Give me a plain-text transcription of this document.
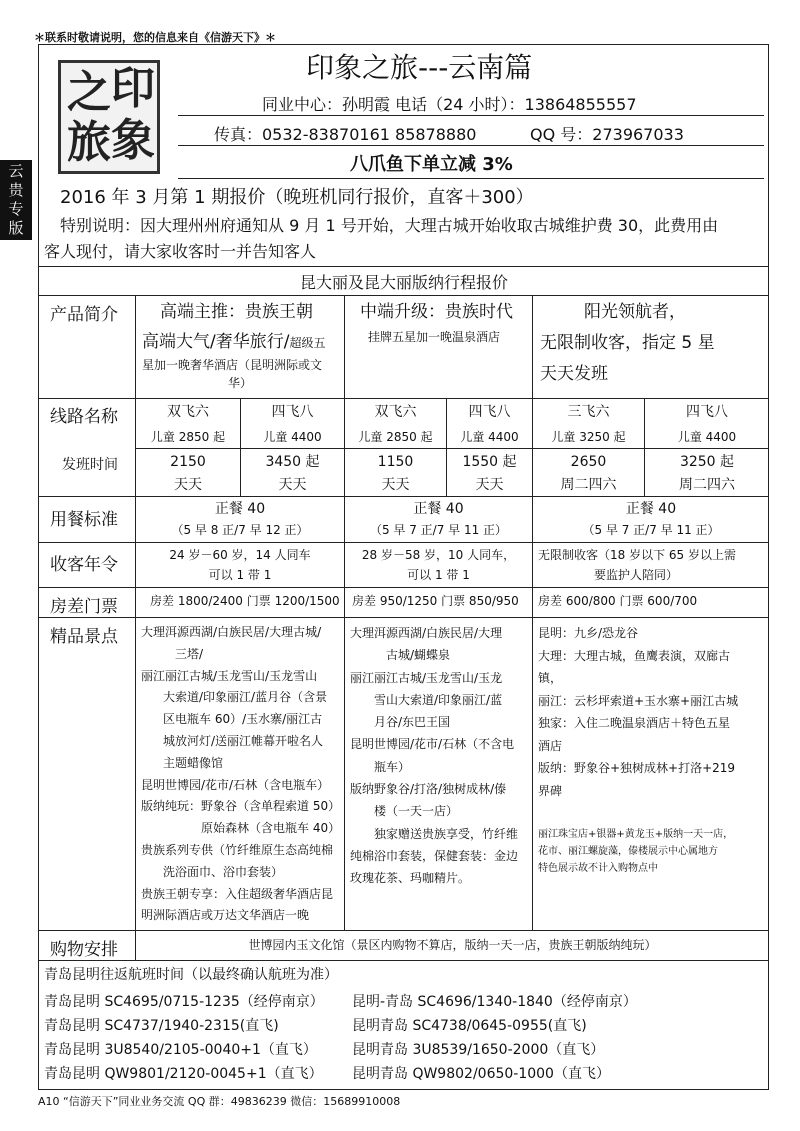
＊联系时敬请说明，您的信息来自《信游天下》＊
云
贵
专
版
之 印
旅 象
印象之旅---云南篇
同业中心：孙明霞 电话（24 小时）：13864855557
传真：0532-83870161 85878880	QQ 号：273967033
八爪鱼下单立减 3%
2016 年 3 月第 1 期报价（晚班机同行报价，直客＋300）
特别说明：因大理州州府通知从 9 月 1 号开始，大理古城开始收取古城维护费 30，此费用由
客人现付，请大家收客时一并告知客人
昆大丽及昆大丽版纳行程报价
产品简介
线路名称
发班时间
用餐标准
收客年令
房差门票
精品景点
购物安排
高端主推：贵族王朝
高端大气/奢华旅行/超级五
星加一晚奢华酒店（昆明洲际或文
华）
中端升级：贵族时代
挂牌五星加一晚温泉酒店
阳光领航者，
无限制收客，指定 5 星
天天发班
双飞六
儿童 2850 起
四飞八
儿童 4400
双飞六
儿童 2850 起
四飞八
儿童 4400
三飞六
儿童 3250 起
四飞八
儿童 4400
2150
天天
3450 起
天天
1150
天天
1550 起
天天
2650
周二四六
3250 起
周二四六
正餐 40
（5 早 8 正/7 早 12 正）
正餐 40
（5 早 7 正/7 早 11 正）
正餐 40
（5 早 7 正/7 早 11 正）
24 岁－60 岁，14 人同车
可以 1 带 1
28 岁－58 岁，10 人同车，
可以 1 带 1
无限制收客（18 岁以下 65 岁以上需
要监护人陪同）
房差 1800/2400 门票 1200/1500 房差 950/1250 门票 850/950 房差 600/800 门票 600/700
大理洱源西湖/白族民居/大理古城/
三塔/
丽江丽江古城/玉龙雪山/玉龙雪山
大索道/印象丽江/蓝月谷（含景
区电瓶车 60）/玉水寨/丽江古
城放河灯/送丽江帷幕开啦名人
主题蜡像馆
昆明世博园/花市/石林（含电瓶车）
版纳纯玩：野象谷（含单程索道 50）
原始森林（含电瓶车 40）
贵族系列专供（竹纤维原生态高纯棉
洗浴面巾、浴巾套装）
贵族王朝专享：入住超级奢华酒店昆
明洲际酒店或万达文华酒店一晚
大理洱源西湖/白族民居/大理
古城/蝴蝶泉
丽江丽江古城/玉龙雪山/玉龙
雪山大索道/印象丽江/蓝
月谷/东巴王国
昆明世博园/花市/石林（不含电
瓶车）
版纳野象谷/打洛/独树成林/傣
楼（一天一店）
独家赠送贵族享受，竹纤维
纯棉浴巾套装，保健套装：金边
玫瑰花茶、玛咖精片。
昆明：九乡/恐龙谷
大理：大理古城，鱼鹰表演，双廊古
镇，
丽江：云杉坪索道+玉水寨+丽江古城
独家：入住二晚温泉酒店＋特色五星
酒店
版纳：野象谷+独树成林+打洛+219
界碑
丽江珠宝店+银器+黄龙玉+版纳一天一店，
花市、丽江螺旋藻，傣楼展示中心属地方
特色展示故不计入购物点中
世博园内玉文化馆（景区内购物不算店，版纳一天一店，贵族王朝版纳纯玩）
青岛昆明往返航班时间（以最终确认航班为准）
青岛昆明 SC4695/0715-1235（经停南京）
青岛昆明 SC4737/1940-2315(直飞)
青岛昆明 3U8540/2105-0040+1（直飞）
青岛昆明 QW9801/2120-0045+1（直飞）
昆明-青岛 SC4696/1340-1840（经停南京）
昆明青岛 SC4738/0645-0955(直飞)
昆明青岛 3U8539/1650-2000（直飞）
昆明青岛 QW9802/0650-1000（直飞）
A10 “信游天下”同业业务交流 QQ 群：49836239 微信：15689910008
